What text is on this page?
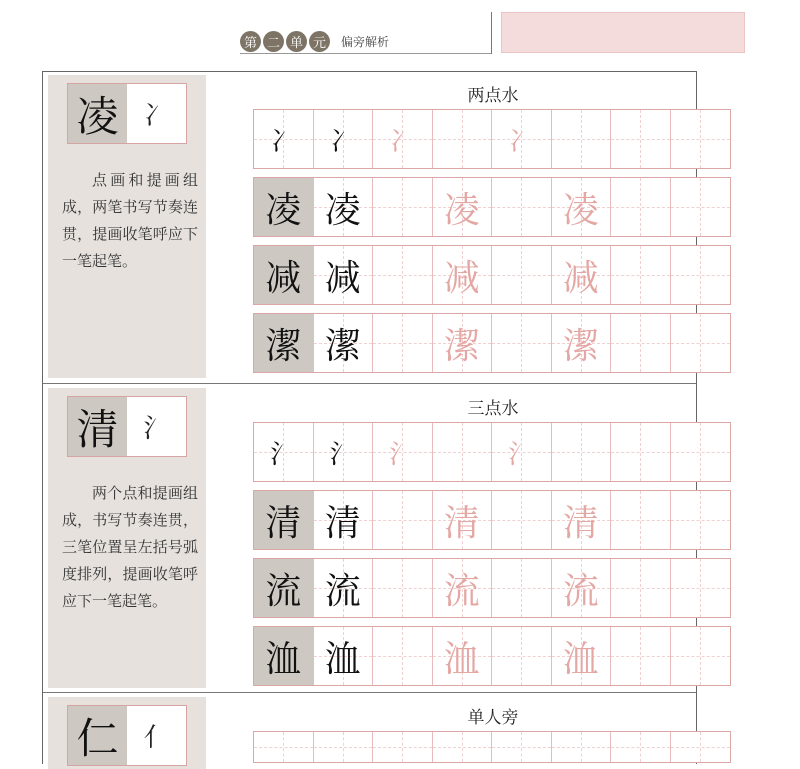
第 二 单 元	偏旁解析
凌 冫

点画和提画组成，两笔书写节奏连贯，提画收笔呼应下一笔起笔。

两点水
冫 冫 冫	冫
凌 凌 凌 凌
减 减 减 减
潔 潔 潔 潔
清 氵

两个点和提画组成，书写节奏连贯，三笔位置呈左括号弧度排列，提画收笔呼应下一笔起笔。

三点水
氵 氵 氵	氵
清 清 清 清
流 流 流 流
洫 洫 洫 洫
仁 亻
单人旁
